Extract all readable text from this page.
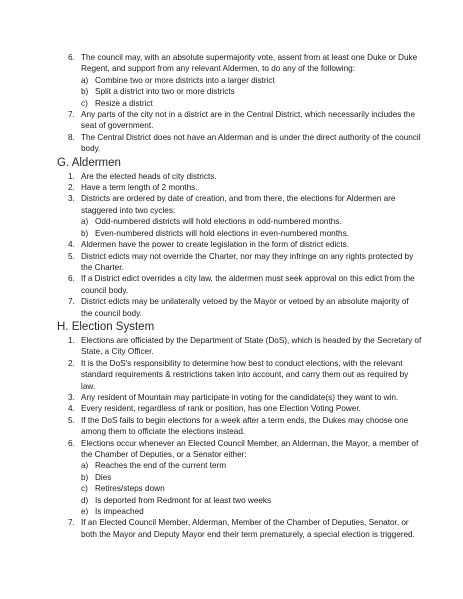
6. The council may, with an absolute supermajority vote, assent from at least one Duke or Duke Regent, and support from any relevant Aldermen, to do any of the following:
a) Combine two or more districts into a larger district
b) Split a district into two or more districts
c) Resize a district
7. Any parts of the city not in a district are in the Central District, which necessarily includes the seat of government.
8. The Central District does not have an Alderman and is under the direct authority of the council body.
G. Aldermen
1. Are the elected heads of city districts.
2. Have a term length of 2 months.
3. Districts are ordered by date of creation, and from there, the elections for Aldermen are staggered into two cycles:
a) Odd-numbered districts will hold elections in odd-numbered months.
b) Even-numbered districts will hold elections in even-numbered months.
4. Aldermen have the power to create legislation in the form of district edicts.
5. District edicts may not override the Charter, nor may they infringe on any rights protected by the Charter.
6. If a District edict overrides a city law, the aldermen must seek approval on this edict from the council body.
7. District edicts may be unilaterally vetoed by the Mayor or vetoed by an absolute majority of the council body.
H. Election System
1. Elections are officiated by the Department of State (DoS), which is headed by the Secretary of State, a City Officer.
2. It is the DoS's responsibility to determine how best to conduct elections, with the relevant standard requirements & restrictions taken into account, and carry them out as required by law.
3. Any resident of Mountain may participate in voting for the candidate(s) they want to win.
4. Every resident, regardless of rank or position, has one Election Voting Power.
5. If the DoS fails to begin elections for a week after a term ends, the Dukes may choose one among them to officiate the elections instead.
6. Elections occur whenever an Elected Council Member, an Alderman, the Mayor, a member of the Chamber of Deputies, or a Senator either:
a) Reaches the end of the current term
b) Dies
c) Retires/steps down
d) Is deported from Redmont for at least two weeks
e) Is impeached
7. If an Elected Council Member, Alderman, Member of the Chamber of Deputies, Senator, or both the Mayor and Deputy Mayor end their term prematurely, a special election is triggered.
